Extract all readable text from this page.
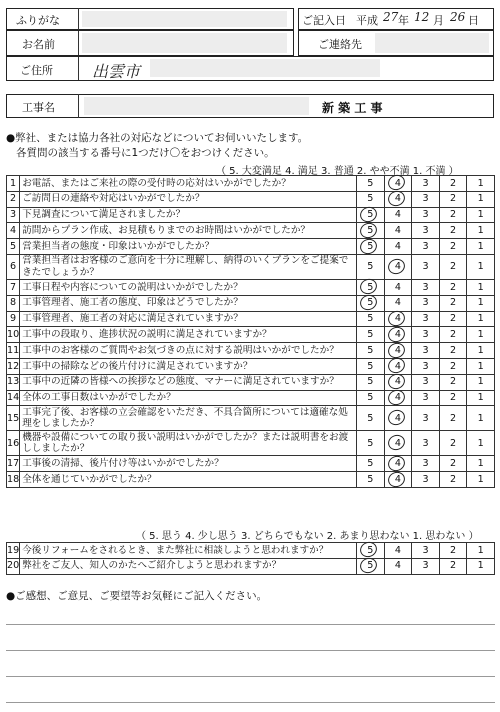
ふりがな
お名前
ご記入日 平成 27 年 12 月 26 日
ご連絡先
ご住所 出雲市
工事名	新 築 工 事
●弊社、または協力各社の対応などについてお伺いいたします。
各質問の該当する番号に1つだけ〇をおつけください。
（ 5. 大変満足 4. 満足 3. 普通 2. やや不満 1. 不満 ）
1	お電話、またはご来社の際の受付時の応対はいかがでしたか？	5	4	3	2	1
2	ご訪問日の連絡や対応はいかがでしたか？	5	4	3	2	1
3	下見調査について満足されましたか？	5	4	3	2	1
4	訪問からプラン作成、お見積もりまでのお時間はいかがでしたか？	5	4	3	2	1
5	営業担当者の態度・印象はいかがでしたか？	5	4	3	2	1
6	営業担当者はお客様のご意向を十分に理解し、納得のいくプランをご提案できたでしょうか？	5	4	3	2	1
7	工事日程や内容についての説明はいかがでしたか？	5	4	3	2	1
8	工事管理者、施工者の態度、印象はどうでしたか？	5	4	3	2	1
9	工事管理者、施工者の対応に満足されていますか？	5	4	3	2	1
10	工事中の段取り、進捗状況の説明に満足されていますか？	5	4	3	2	1
11	工事中のお客様のご質問やお気づきの点に対する説明はいかがでしたか？	5	4	3	2	1
12	工事中の掃除などの後片付けに満足されていますか？	5	4	3	2	1
13	工事中の近隣の皆様への挨拶などの態度、マナーに満足されていますか？	5	4	3	2	1
14	全体の工事日数はいかがでしたか？	5	4	3	2	1
15	工事完了後、お客様の立会確認をいただき、不具合箇所については適確な処理をしましたか？	5	4	3	2	1
16	機器や設備についての取り扱い説明はいかがでしたか？または説明書をお渡ししましたか？	5	4	3	2	1
17	工事後の清掃、後片付け等はいかがでしたか？	5	4	3	2	1
18	全体を通じていかがでしたか？	5	4	3	2	1
（ 5. 思う 4. 少し思う 3. どちらでもない 2. あまり思わない 1. 思わない ）
19	今後リフォームをされるとき、また弊社に相談しようと思われますか？	5	4	3	2	1
20	弊社をご友人、知人のかたへご紹介しようと思われますか？	5	4	3	2	1
●ご感想、ご意見、ご要望等お気軽にご記入ください。
